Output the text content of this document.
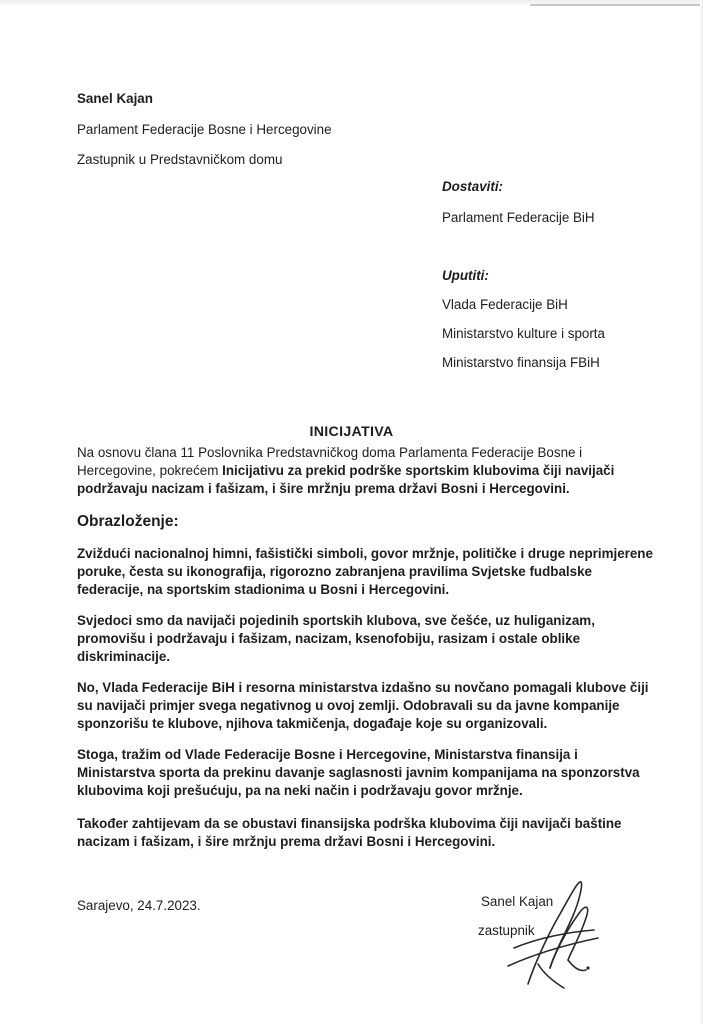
Sanel Kajan
Parlament Federacije Bosne i Hercegovine
Zastupnik u Predstavničkom domu
Dostaviti:
Parlament Federacije BiH
Uputiti:
Vlada Federacije BiH
Ministarstvo kulture i sporta
Ministarstvo finansija FBiH
INICIJATIVA
Na osnovu člana 11 Poslovnika Predstavničkog doma Parlamenta Federacije Bosne i
Hercegovine, pokrećem Inicijativu za prekid podrške sportskim klubovima čiji navijači
podržavaju nacizam i fašizam, i šire mržnju prema državi Bosni i Hercegovini.
Obrazloženje:
Zviždući nacionalnoj himni, fašistički simboli, govor mržnje, političke i druge neprimjerene
poruke, česta su ikonografija, rigorozno zabranjena pravilima Svjetske fudbalske
federacije, na sportskim stadionima u Bosni i Hercegovini.
Svjedoci smo da navijači pojedinih sportskih klubova, sve češće, uz huliganizam,
promovišu i podržavaju i fašizam, nacizam, ksenofobiju, rasizam i ostale oblike
diskriminacije.
No, Vlada Federacije BiH i resorna ministarstva izdašno su novčano pomagali klubove čiji
su navijači primjer svega negativnog u ovoj zemlji. Odobravali su da javne kompanije
sponzorišu te klubove, njihova takmičenja, događaje koje su organizovali.
Stoga, tražim od Vlade Federacije Bosne i Hercegovine, Ministarstva finansija i
Ministarstva sporta da prekinu davanje saglasnosti javnim kompanijama na sponzorstva
klubovima koji prešućuju, pa na neki način i podržavaju govor mržnje.
Također zahtijevam da se obustavi finansijska podrška klubovima čiji navijači baštine
nacizam i fašizam, i šire mržnju prema državi Bosni i Hercegovini.
Sarajevo, 24.7.2023.	Sanel Kajan
zastupnik
